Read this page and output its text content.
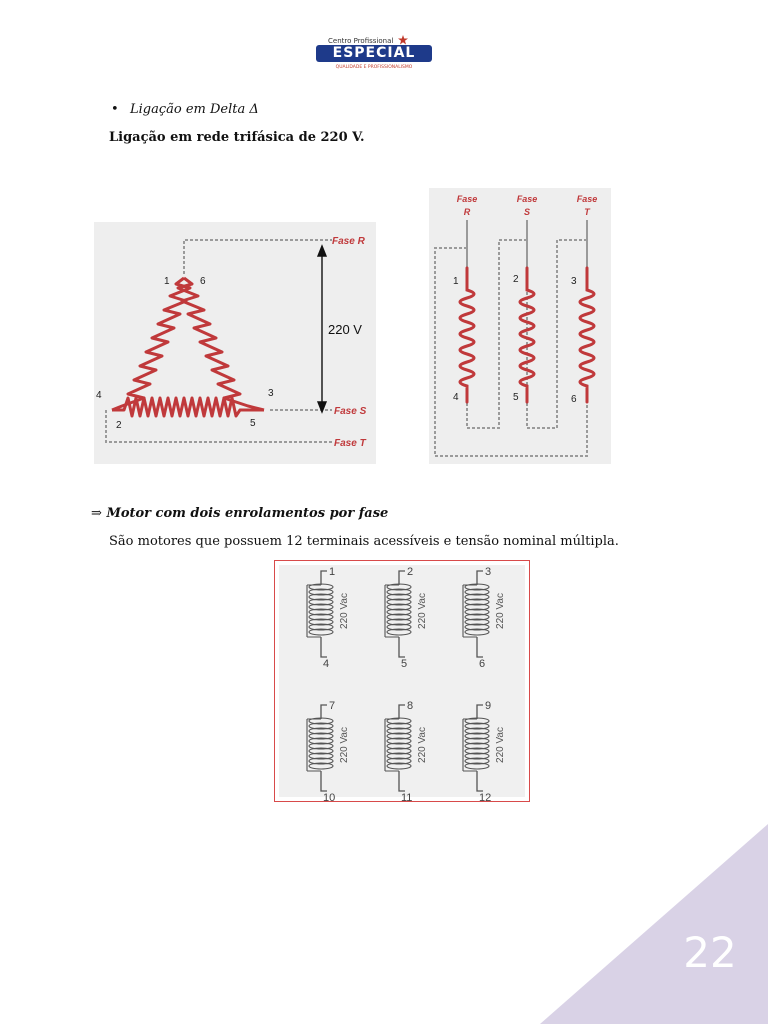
Centro Profissional
ESPECIAL
QUALIDADE E PROFISSIONALISMO
• Ligação em Delta Δ
Ligação em rede trifásica de 220 V.
220 V
Fase R
Fase S
Fase T
1	6
4	3
2	5
Fase
R
Fase
S
Fase
T
1	2	3
4	5	6
⇒ Motor com dois enrolamentos por fase
São motores que possuem 12 terminais acessíveis e tensão nominal múltipla.
1
4
220 Vac
2
5
220 Vac
3
6
220 Vac
7
10
220 Vac
8
11
220 Vac
9
12
220 Vac
22
